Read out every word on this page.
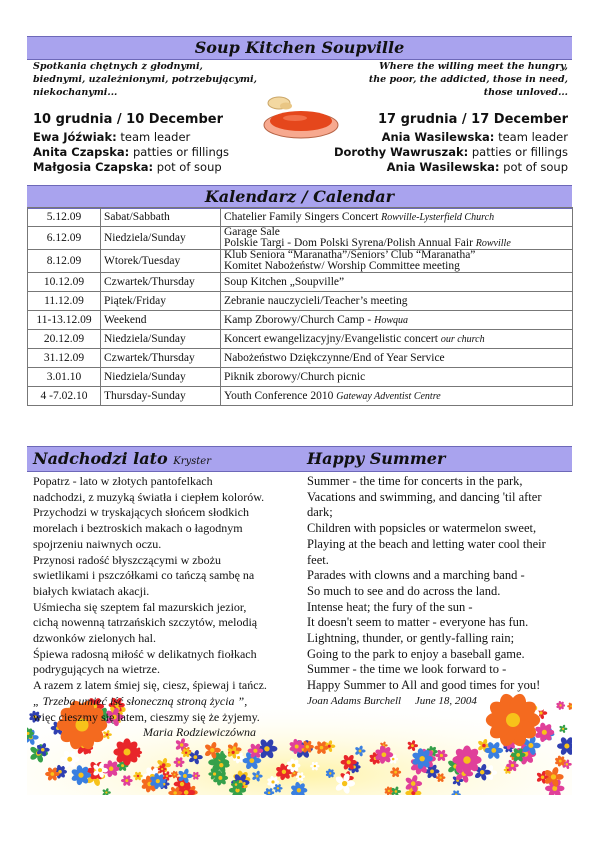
Soup Kitchen Soupville
Spotkania chętnych z głodnymi,
biednymi, uzależnionymi, potrzebującymi,
niekochanymi...
Where the willing meet the hungry,
the poor, the addicted, those in need,
those unloved...
10 grudnia / 10 December	17 grudnia / 17 December
Ewa Jóźwiak: team leader
Anita Czapska: patties or fillings
Małgosia Czapska: pot of soup
Ania Wasilewska: team leader
Dorothy Wawruszak: patties or fillings
Ania Wasilewska: pot of soup
Kalendarz / Calendar
5.12.09	Sabat/Sabbath	Chatelier Family Singers Concert Rowville-Lysterfield Church
6.12.09	Niedziela/Sunday	Garage Sale
Polskie Targi - Dom Polski Syrena/Polish Annual Fair Rowville

8.12.09	Wtorek/Tuesday	Klub Seniora “Maranatha”/Seniors’ Club “Maranatha”
Komitet Nabożeństw/ Worship Committee meeting

10.12.09	Czwartek/Thursday	Soup Kitchen „Soupville”
11.12.09	Piątek/Friday	Zebranie nauczycieli/Teacher’s meeting
11-13.12.09	Weekend	Kamp Zborowy/Church Camp - Howqua
20.12.09	Niedziela/Sunday	Koncert ewangelizacyjny/Evangelistic concert our church
31.12.09	Czwartek/Thursday	Nabożeństwo Dziękczynne/End of Year Service
3.01.10	Niedziela/Sunday	Piknik zborowy/Church picnic
4 -7.02.10	Thursday-Sunday	Youth Conference 2010 Gateway Adventist Centre
Nadchodzi lato Kryster	Happy Summer
Popatrz - lato w złotych pantofelkach
nadchodzi, z muzyką światła i ciepłem kolorów.
Przychodzi w tryskających słońcem słodkich
morelach i beztroskich makach o łagodnym
spojrzeniu naiwnych oczu.
Przynosi radość błyszczącymi w zbożu
swietlikami i pszczółkami co tańczą sambę na
białych kwiatach akacji.
Uśmiecha się szeptem fal mazurskich jezior,
cichą nowenną tatrzańskich szczytów, melodią
dzwonków zielonych hal.
Śpiewa radosną miłość w delikatnych fiołkach
podrygujących na wietrze.
A razem z latem śmiej się, ciesz, śpiewaj i tańcz.
„ Trzeba umieć iść słoneczną stroną życia ”,
więc cieszmy się latem, cieszmy się że żyjemy.
Maria Rodziewiczówna
Summer - the time for concerts in the park,
Vacations and swimming, and dancing 'til after
dark;
Children with popsicles or watermelon sweet,
Playing at the beach and letting water cool their
feet.
Parades with clowns and a marching band -
So much to see and do across the land.
Intense heat; the fury of the sun -
It doesn't seem to matter - everyone has fun.
Lightning, thunder, or gently-falling rain;
Going to the park to enjoy a baseball game.
Summer - the time we look forward to -
Happy Summer to All and good times for you!
Joan Adams Burchell June 18, 2004
